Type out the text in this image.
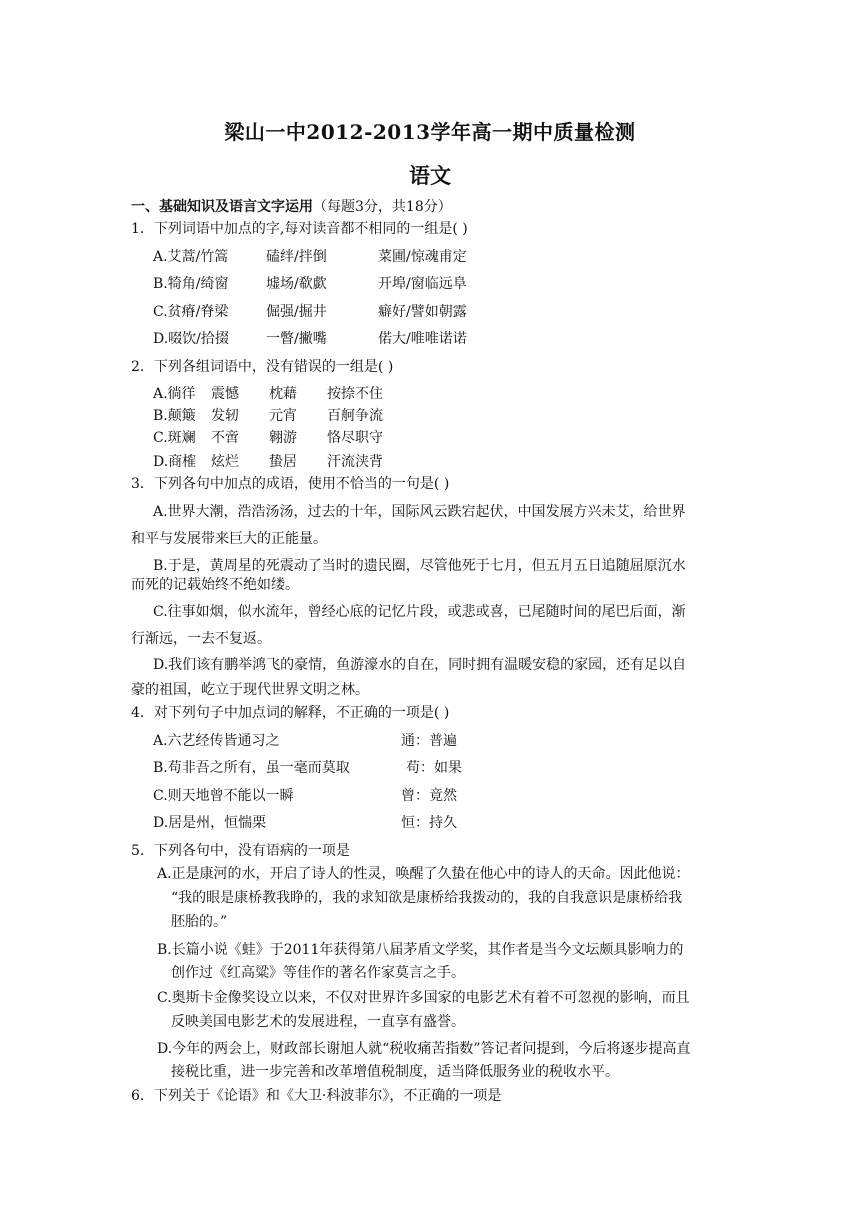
梁山一中2012-2013学年高一期中质量检测
语文
一、基础知识及语言文字运用（每题3分，共18分）
1．下列词语中加点的字,每对读音都不相同的一组是( )
A.艾蒿/竹篙	磕绊/拌倒	菜圃/惊魂甫定
B.犄角/绮窗	墟场/欷歔	开埠/窗临远阜
C.贫瘠/脊梁	倔强/掘井	癖好/譬如朝露
D.啜饮/拾掇	一瞥/撇嘴	偌大/唯唯诺诺
2．下列各组词语中，没有错误的一组是( )
A.徜徉 震憾 枕藉 按捺不住
B.颠簸 发轫 元宵 百舸争流
C.斑斓 不啻 翱游 恪尽职守
D.商榷 炫烂 蛰居 汗流浃背
3．下列各句中加点的成语，使用不恰当的一句是( )
A.世界大潮，浩浩汤汤，过去的十年，国际风云跌宕起伏，中国发展方兴未艾，给世界
和平与发展带来巨大的正能量。
B.于是，黄周星的死震动了当时的遗民圈，尽管他死于七月，但五月五日追随屈原沉水
而死的记载始终不绝如缕。
C.往事如烟，似水流年，曾经心底的记忆片段，或悲或喜，已尾随时间的尾巴后面，渐
行渐远，一去不复返。
D.我们该有鹏举鸿飞的豪情，鱼游濠水的自在，同时拥有温暖安稳的家园，还有足以自
豪的祖国，屹立于现代世界文明之林。
4．对下列句子中加点词的解释，不正确的一项是( )
A.六艺经传皆通习之	通：普遍
B.苟非吾之所有，虽一毫而莫取	苟：如果
C.则天地曾不能以一瞬	曾：竟然
D.居是州，恒惴栗	恒：持久
5．下列各句中，没有语病的一项是
A.正是康河的水，开启了诗人的性灵，唤醒了久蛰在他心中的诗人的天命。因此他说：
“我的眼是康桥教我睁的，我的求知欲是康桥给我拨动的，我的自我意识是康桥给我
胚胎的。”
B.长篇小说《蛙》于2011年获得第八届茅盾文学奖，其作者是当今文坛颇具影响力的
创作过《红高粱》等佳作的著名作家莫言之手。
C.奥斯卡金像奖设立以来，不仅对世界许多国家的电影艺术有着不可忽视的影响，而且
反映美国电影艺术的发展进程，一直享有盛誉。
D.今年的两会上，财政部长谢旭人就“税收痛苦指数”答记者问提到，今后将逐步提高直
接税比重，进一步完善和改革增值税制度，适当降低服务业的税收水平。
6．下列关于《论语》和《大卫·科波菲尔》，不正确的一项是
